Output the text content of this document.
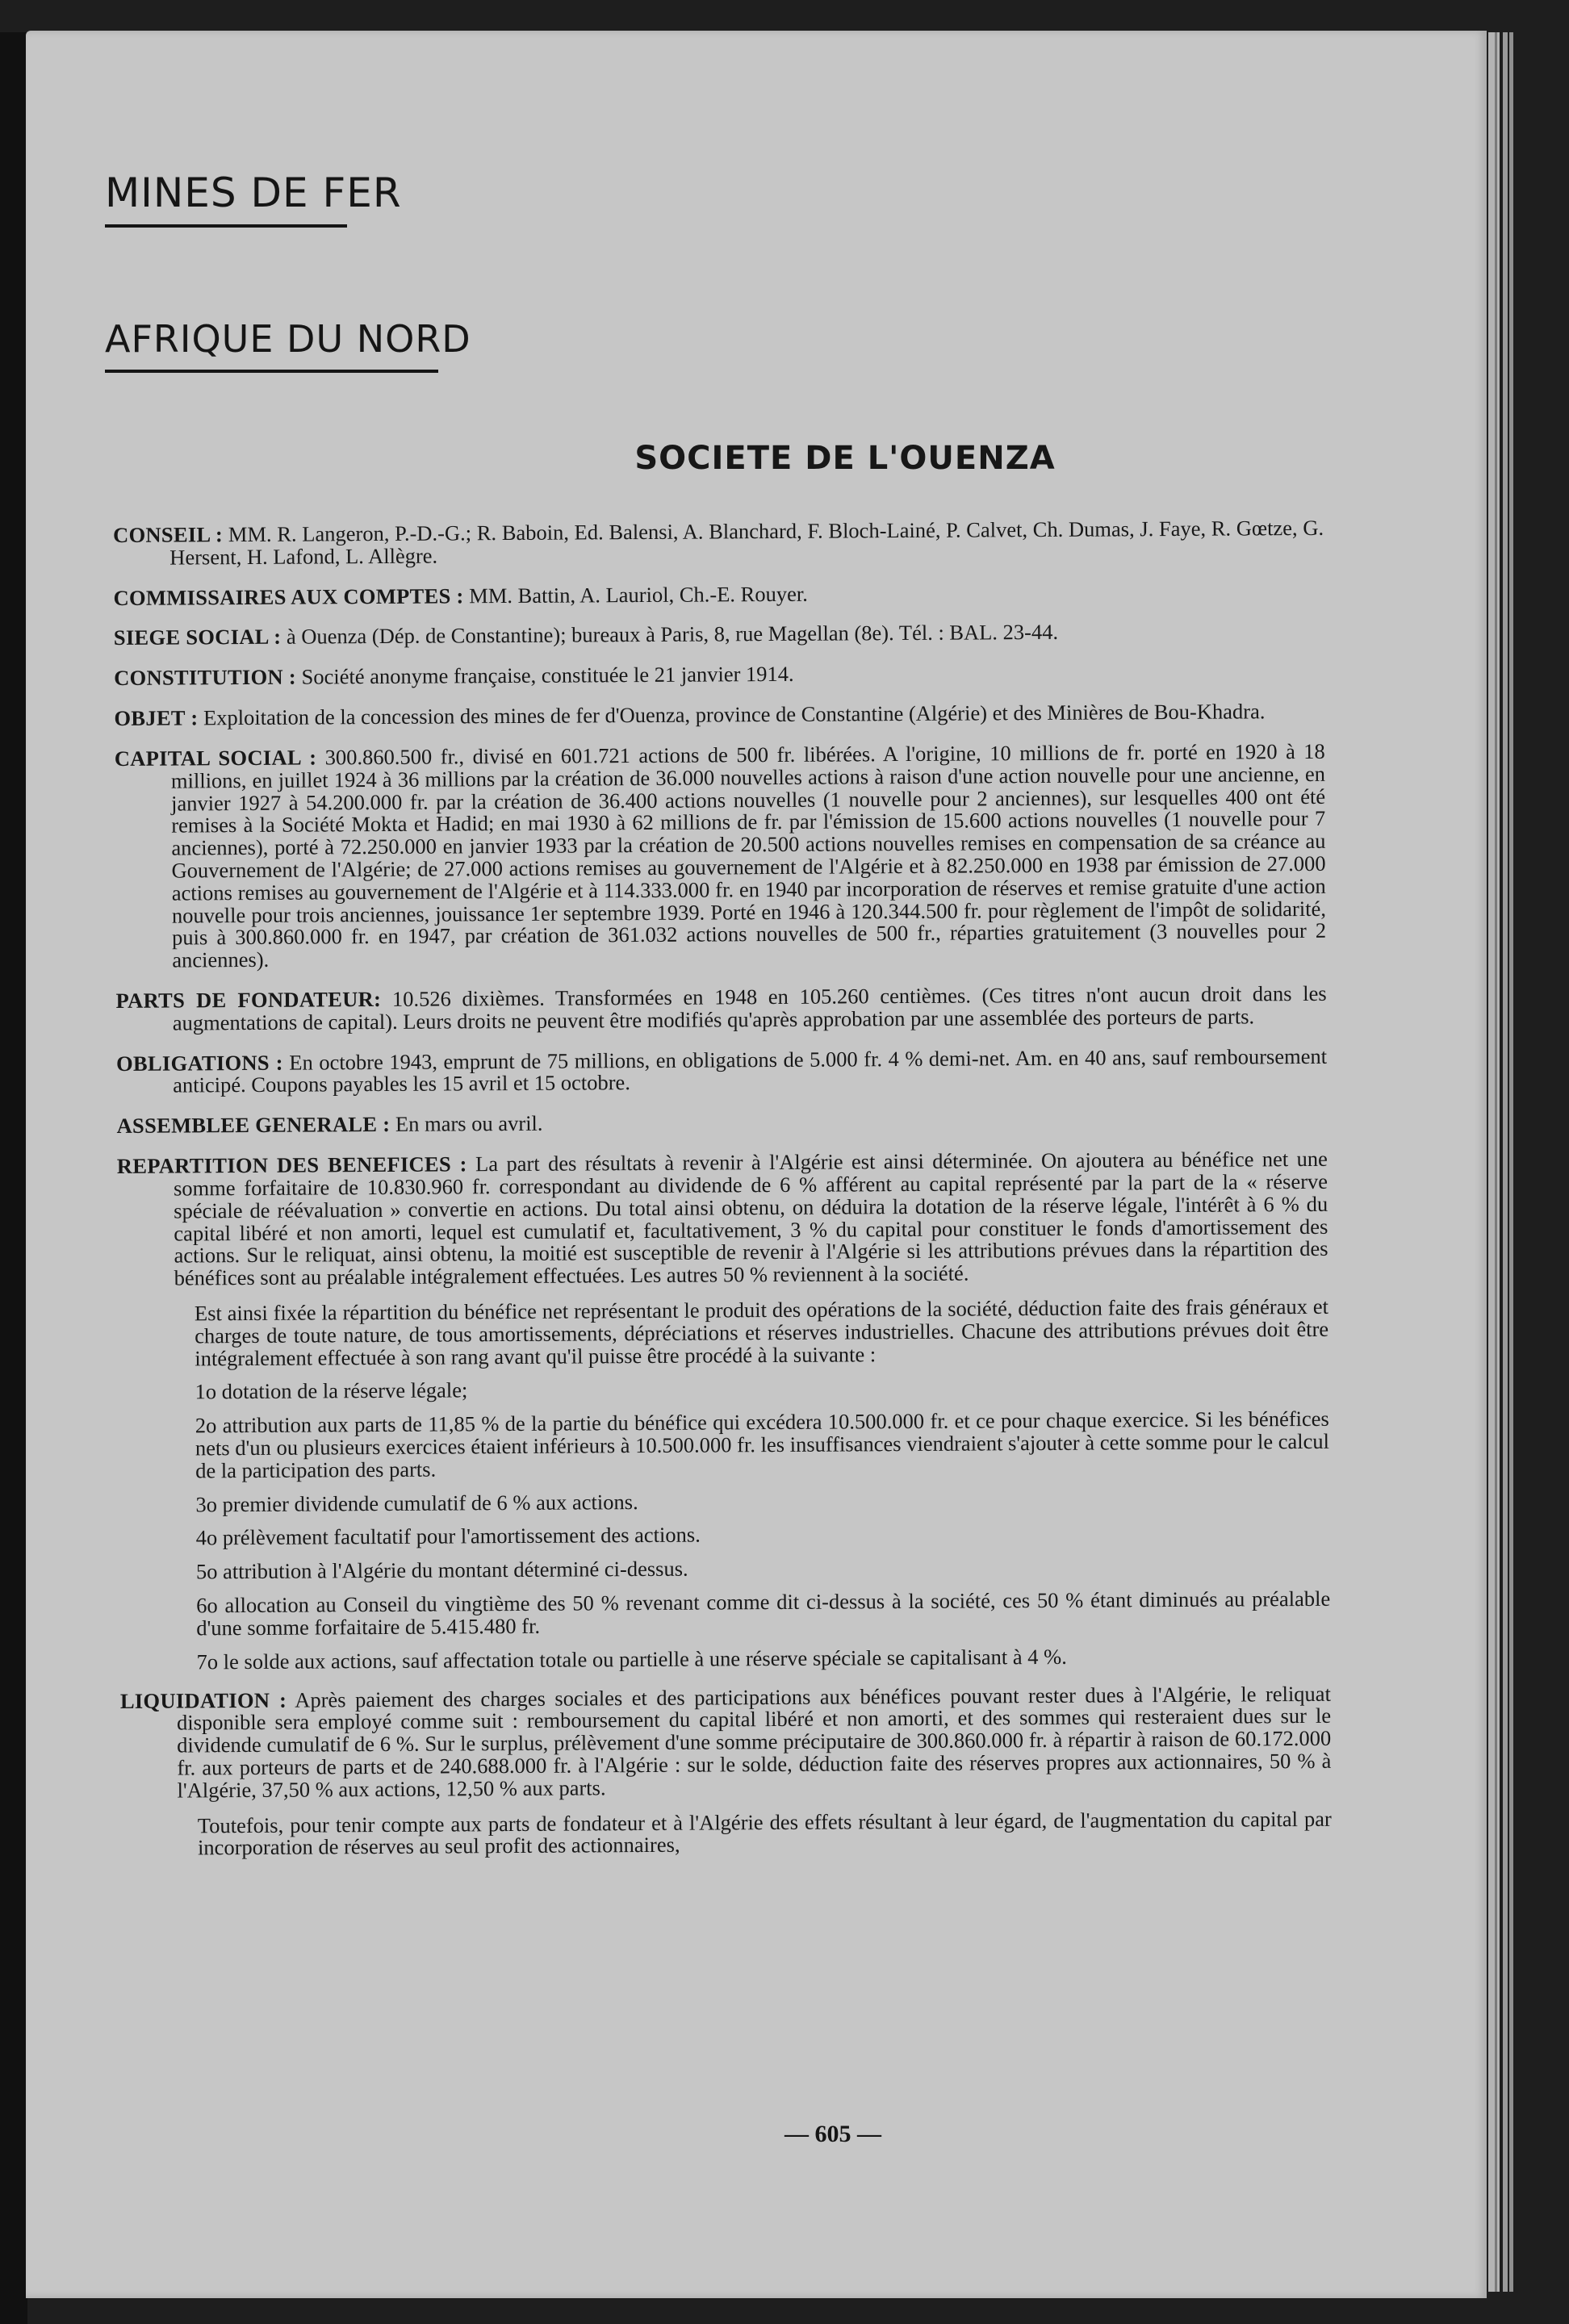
MINES DE FER
AFRIQUE DU NORD
SOCIETE DE L'OUENZA
CONSEIL : MM. R. Langeron, P.-D.-G.; R. Baboin, Ed. Balensi, A. Blanchard, F. Bloch-Lainé, P. Calvet, Ch. Dumas, J. Faye, R. Gœtze, G. Hersent, H. Lafond, L. Allègre.
COMMISSAIRES AUX COMPTES : MM. Battin, A. Lauriol, Ch.-E. Rouyer.
SIEGE SOCIAL : à Ouenza (Dép. de Constantine); bureaux à Paris, 8, rue Magellan (8e). Tél. : BAL. 23-44.
CONSTITUTION : Société anonyme française, constituée le 21 janvier 1914.
OBJET : Exploitation de la concession des mines de fer d'Ouenza, province de Constantine (Algérie) et des Minières de Bou-Khadra.
CAPITAL SOCIAL : 300.860.500 fr., divisé en 601.721 actions de 500 fr. libérées. A l'origine, 10 millions de fr. porté en 1920 à 18 millions, en juillet 1924 à 36 millions par la création de 36.000 nouvelles actions à raison d'une action nouvelle pour une ancienne, en janvier 1927 à 54.200.000 fr. par la création de 36.400 actions nouvelles (1 nouvelle pour 2 anciennes), sur lesquelles 400 ont été remises à la Société Mokta et Hadid; en mai 1930 à 62 millions de fr. par l'émission de 15.600 actions nouvelles (1 nouvelle pour 7 anciennes), porté à 72.250.000 en janvier 1933 par la création de 20.500 actions nouvelles remises en compensation de sa créance au Gouvernement de l'Algérie; de 27.000 actions remises au gouvernement de l'Algérie et à 82.250.000 en 1938 par émission de 27.000 actions remises au gouvernement de l'Algérie et à 114.333.000 fr. en 1940 par incorporation de réserves et remise gratuite d'une action nouvelle pour trois anciennes, jouissance 1er septembre 1939. Porté en 1946 à 120.344.500 fr. pour règlement de l'impôt de solidarité, puis à 300.860.000 fr. en 1947, par création de 361.032 actions nouvelles de 500 fr., réparties gratuitement (3 nouvelles pour 2 anciennes).
PARTS DE FONDATEUR: 10.526 dixièmes. Transformées en 1948 en 105.260 centièmes. (Ces titres n'ont aucun droit dans les augmentations de capital). Leurs droits ne peuvent être modifiés qu'après approbation par une assemblée des porteurs de parts.
OBLIGATIONS : En octobre 1943, emprunt de 75 millions, en obligations de 5.000 fr. 4 % demi-net. Am. en 40 ans, sauf remboursement anticipé. Coupons payables les 15 avril et 15 octobre.
ASSEMBLEE GENERALE : En mars ou avril.
REPARTITION DES BENEFICES : La part des résultats à revenir à l'Algérie est ainsi déterminée. On ajoutera au bénéfice net une somme forfaitaire de 10.830.960 fr. correspondant au dividende de 6 % afférent au capital représenté par la part de la « réserve spéciale de réévaluation » convertie en actions. Du total ainsi obtenu, on déduira la dotation de la réserve légale, l'intérêt à 6 % du capital libéré et non amorti, lequel est cumulatif et, facultativement, 3 % du capital pour constituer le fonds d'amortissement des actions. Sur le reliquat, ainsi obtenu, la moitié est susceptible de revenir à l'Algérie si les attributions prévues dans la répartition des bénéfices sont au préalable intégralement effectuées. Les autres 50 % reviennent à la société.
Est ainsi fixée la répartition du bénéfice net représentant le produit des opérations de la société, déduction faite des frais généraux et charges de toute nature, de tous amortissements, dépréciations et réserves industrielles. Chacune des attributions prévues doit être intégralement effectuée à son rang avant qu'il puisse être procédé à la suivante :
1o dotation de la réserve légale;
2o attribution aux parts de 11,85 % de la partie du bénéfice qui excédera 10.500.000 fr. et ce pour chaque exercice. Si les bénéfices nets d'un ou plusieurs exercices étaient inférieurs à 10.500.000 fr. les insuffisances viendraient s'ajouter à cette somme pour le calcul de la participation des parts.
3o premier dividende cumulatif de 6 % aux actions.
4o prélèvement facultatif pour l'amortissement des actions.
5o attribution à l'Algérie du montant déterminé ci-dessus.
6o allocation au Conseil du vingtième des 50 % revenant comme dit ci-dessus à la société, ces 50 % étant diminués au préalable d'une somme forfaitaire de 5.415.480 fr.
7o le solde aux actions, sauf affectation totale ou partielle à une réserve spéciale se capitalisant à 4 %.
LIQUIDATION : Après paiement des charges sociales et des participations aux bénéfices pouvant rester dues à l'Algérie, le reliquat disponible sera employé comme suit : remboursement du capital libéré et non amorti, et des sommes qui resteraient dues sur le dividende cumulatif de 6 %. Sur le surplus, prélèvement d'une somme préciputaire de 300.860.000 fr. à répartir à raison de 60.172.000 fr. aux porteurs de parts et de 240.688.000 fr. à l'Algérie : sur le solde, déduction faite des réserves propres aux actionnaires, 50 % à l'Algérie, 37,50 % aux actions, 12,50 % aux parts.
Toutefois, pour tenir compte aux parts de fondateur et à l'Algérie des effets résultant à leur égard, de l'augmentation du capital par incorporation de réserves au seul profit des actionnaires,
— 605 —
